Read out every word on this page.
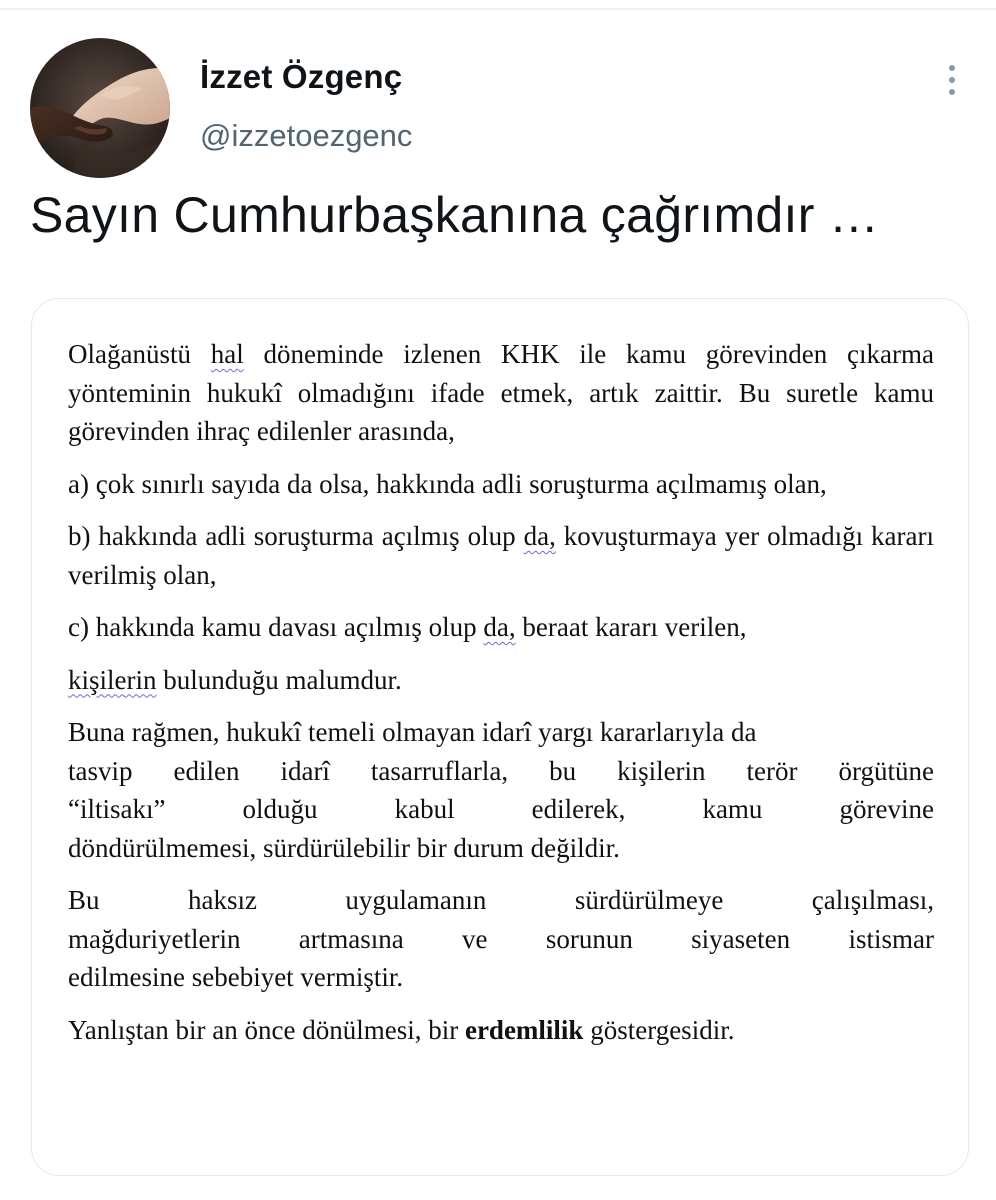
İzzet Özgenç
@izzetoezgenc
Sayın Cumhurbaşkanına çağrımdır …

Olağanüstü hal döneminde izlenen KHK ile kamu görevinden çıkarma yönteminin hukukî olmadığını ifade etmek, artık zaittir. Bu suretle kamu görevinden ihraç edilenler arasında,

a) çok sınırlı sayıda da olsa, hakkında adli soruşturma açılmamış olan,

b) hakkında adli soruşturma açılmış olup da, kovuşturmaya yer olmadığı kararı verilmiş olan,

c) hakkında kamu davası açılmış olup da, beraat kararı verilen,

kişilerin bulunduğu malumdur.

Buna rağmen, hukukî temeli olmayan idarî yargı kararlarıyla da
tasvip edilen idarî tasarruflarla, bu kişilerin terör örgütüne
“iltisakı”	olduğu	kabul	edilerek,	kamu	görevine
döndürülmemesi, sürdürülebilir bir durum değildir.
Bu	haksız	uygulamanın	sürdürülmeye	çalışılması,
mağduriyetlerin artmasına ve sorunun siyaseten istismar
edilmesine sebebiyet vermiştir.

Yanlıştan bir an önce dönülmesi, bir erdemlilik göstergesidir.
